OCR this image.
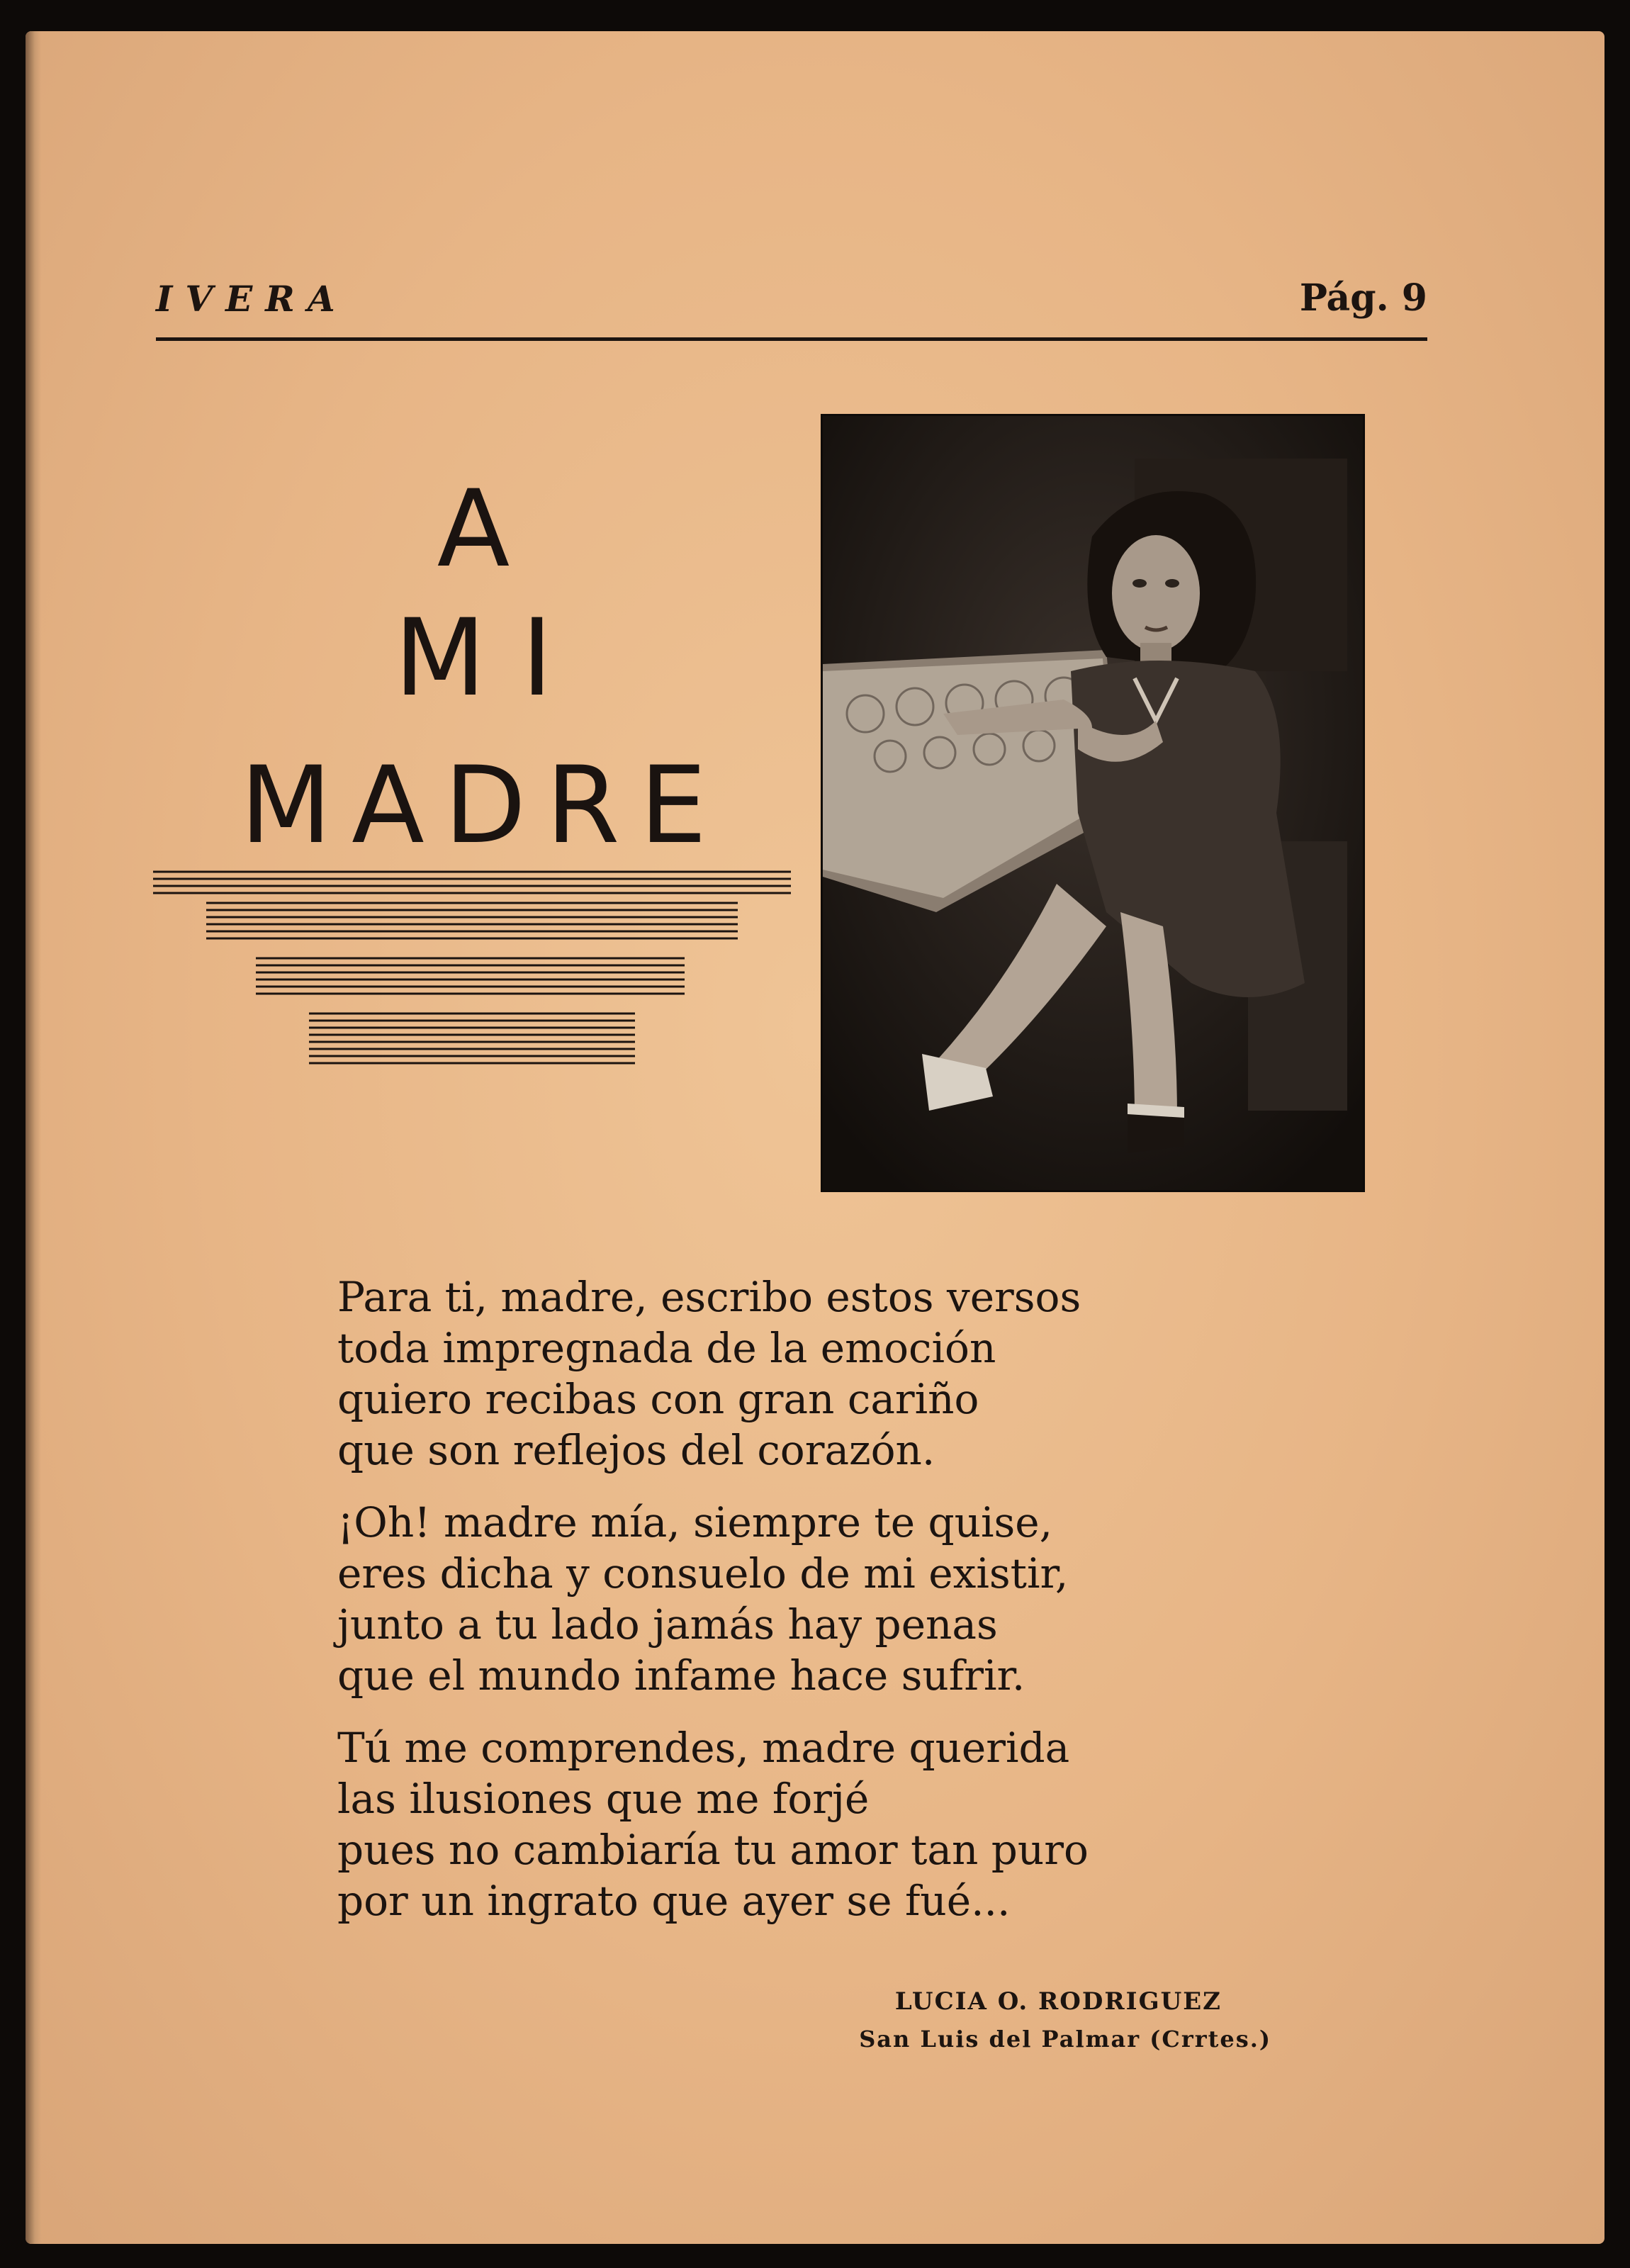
IVERA	Pág. 9
A
MI
MADRE
Para ti, madre, escribo estos versos
toda impregnada de la emoción
quiero recibas con gran cariño
que son reflejos del corazón.
¡Oh! madre mía, siempre te quise,
eres dicha y consuelo de mi existir,
junto a tu lado jamás hay penas
que el mundo infame hace sufrir.
Tú me comprendes, madre querida
las ilusiones que me forjé
pues no cambiaría tu amor tan puro
por un ingrato que ayer se fué...
LUCIA O. RODRIGUEZ
San Luis del Palmar (Crrtes.)
